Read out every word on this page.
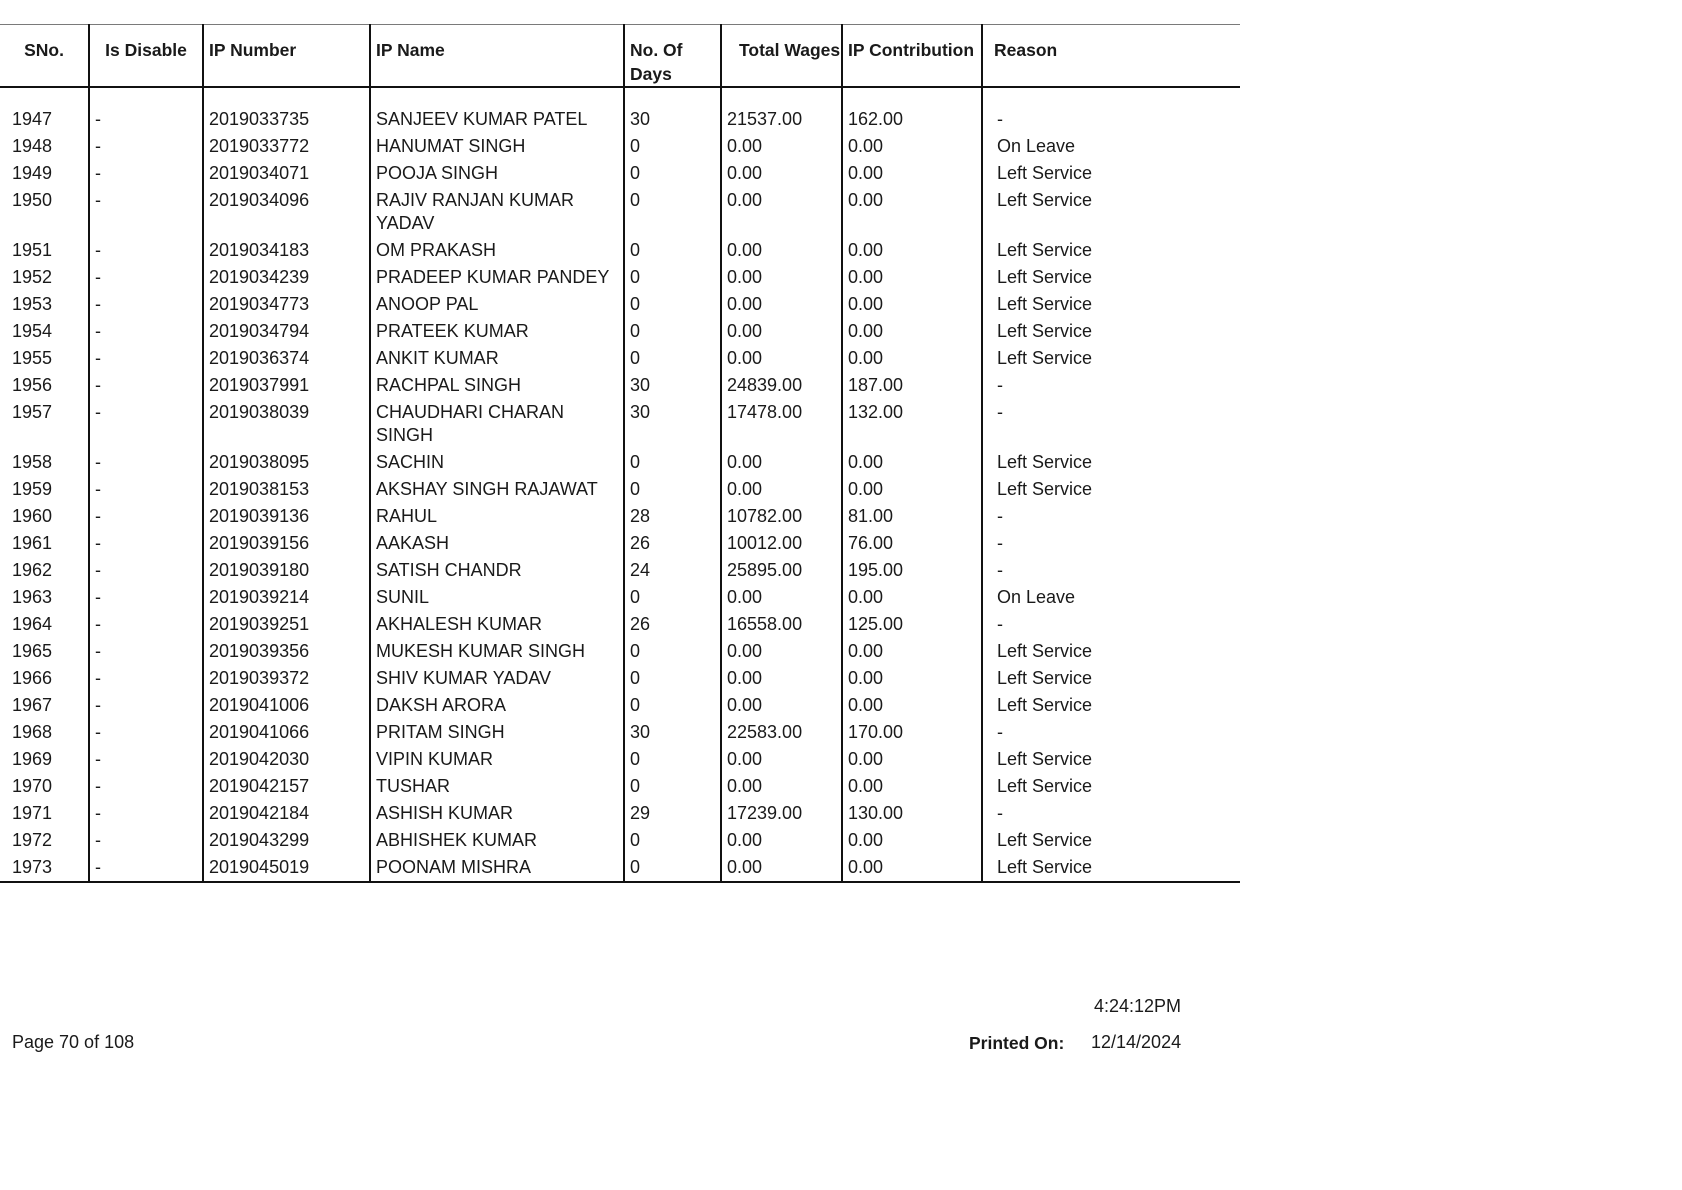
SNo.	Is Disable	IP Number	IP Name	No. Of Days	Total Wages	IP Contribution	Reason
1947	-	2019033735	SANJEEV KUMAR PATEL	30	21537.00	162.00	-
1948	-	2019033772	HANUMAT SINGH	0	0.00	0.00	On Leave
1949	-	2019034071	POOJA SINGH	0	0.00	0.00	Left Service
1950	-	2019034096	RAJIV RANJAN KUMAR YADAV	0	0.00	0.00	Left Service
1951	-	2019034183	OM PRAKASH	0	0.00	0.00	Left Service
1952	-	2019034239	PRADEEP KUMAR PANDEY	0	0.00	0.00	Left Service
1953	-	2019034773	ANOOP PAL	0	0.00	0.00	Left Service
1954	-	2019034794	PRATEEK KUMAR	0	0.00	0.00	Left Service
1955	-	2019036374	ANKIT KUMAR	0	0.00	0.00	Left Service
1956	-	2019037991	RACHPAL SINGH	30	24839.00	187.00	-
1957	-	2019038039	CHAUDHARI CHARAN SINGH	30	17478.00	132.00	-
1958	-	2019038095	SACHIN	0	0.00	0.00	Left Service
1959	-	2019038153	AKSHAY SINGH RAJAWAT	0	0.00	0.00	Left Service
1960	-	2019039136	RAHUL	28	10782.00	81.00	-
1961	-	2019039156	AAKASH	26	10012.00	76.00	-
1962	-	2019039180	SATISH CHANDR	24	25895.00	195.00	-
1963	-	2019039214	SUNIL	0	0.00	0.00	On Leave
1964	-	2019039251	AKHALESH KUMAR	26	16558.00	125.00	-
1965	-	2019039356	MUKESH KUMAR SINGH	0	0.00	0.00	Left Service
1966	-	2019039372	SHIV KUMAR YADAV	0	0.00	0.00	Left Service
1967	-	2019041006	DAKSH ARORA	0	0.00	0.00	Left Service
1968	-	2019041066	PRITAM SINGH	30	22583.00	170.00	-
1969	-	2019042030	VIPIN KUMAR	0	0.00	0.00	Left Service
1970	-	2019042157	TUSHAR	0	0.00	0.00	Left Service
1971	-	2019042184	ASHISH KUMAR	29	17239.00	130.00	-
1972	-	2019043299	ABHISHEK KUMAR	0	0.00	0.00	Left Service
1973	-	2019045019	POONAM MISHRA	0	0.00	0.00	Left Service
4:24:12PM
Page 70 of 108	Printed On: 12/14/2024
